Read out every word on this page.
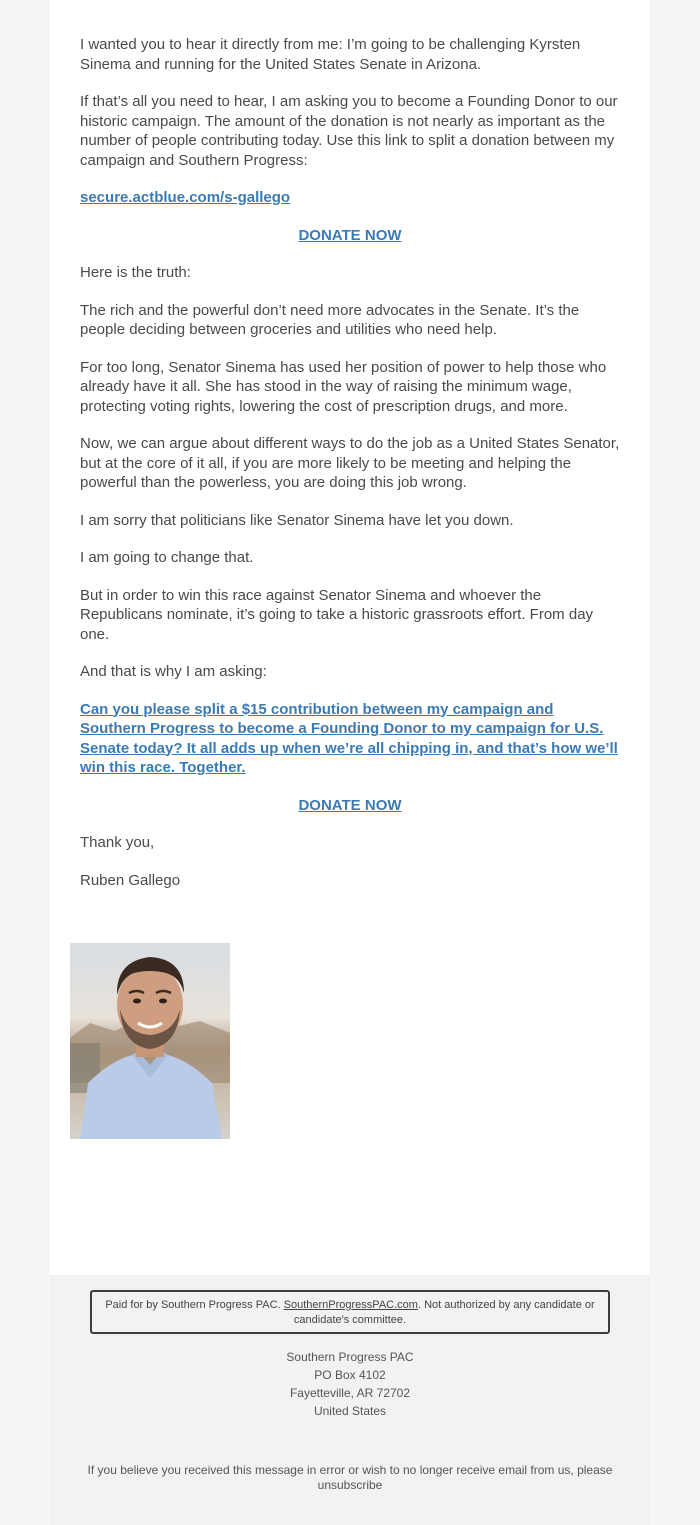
I wanted you to hear it directly from me: I’m going to be challenging Kyrsten Sinema and running for the United States Senate in Arizona.

If that’s all you need to hear, I am asking you to become a Founding Donor to our historic campaign. The amount of the donation is not nearly as important as the number of people contributing today. Use this link to split a donation between my campaign and Southern Progress:

secure.actblue.com/s-gallego

DONATE NOW

Here is the truth:

The rich and the powerful don’t need more advocates in the Senate. It’s the people deciding between groceries and utilities who need help.

For too long, Senator Sinema has used her position of power to help those who already have it all. She has stood in the way of raising the minimum wage, protecting voting rights, lowering the cost of prescription drugs, and more.

Now, we can argue about different ways to do the job as a United States Senator, but at the core of it all, if you are more likely to be meeting and helping the powerful than the powerless, you are doing this job wrong.

I am sorry that politicians like Senator Sinema have let you down.

I am going to change that.

But in order to win this race against Senator Sinema and whoever the Republicans nominate, it’s going to take a historic grassroots effort. From day one.

And that is why I am asking:

Can you please split a $15 contribution between my campaign and Southern Progress to become a Founding Donor to my campaign for U.S. Senate today? It all adds up when we’re all chipping in, and that’s how we’ll win this race. Together.

DONATE NOW

Thank you,

Ruben Gallego

Paid for by Southern Progress PAC. SouthernProgressPAC.com. Not authorized by any candidate or candidate's committee.
Southern Progress PAC
PO Box 4102
Fayetteville, AR 72702
United States
If you believe you received this message in error or wish to no longer receive email from us, please unsubscribe
